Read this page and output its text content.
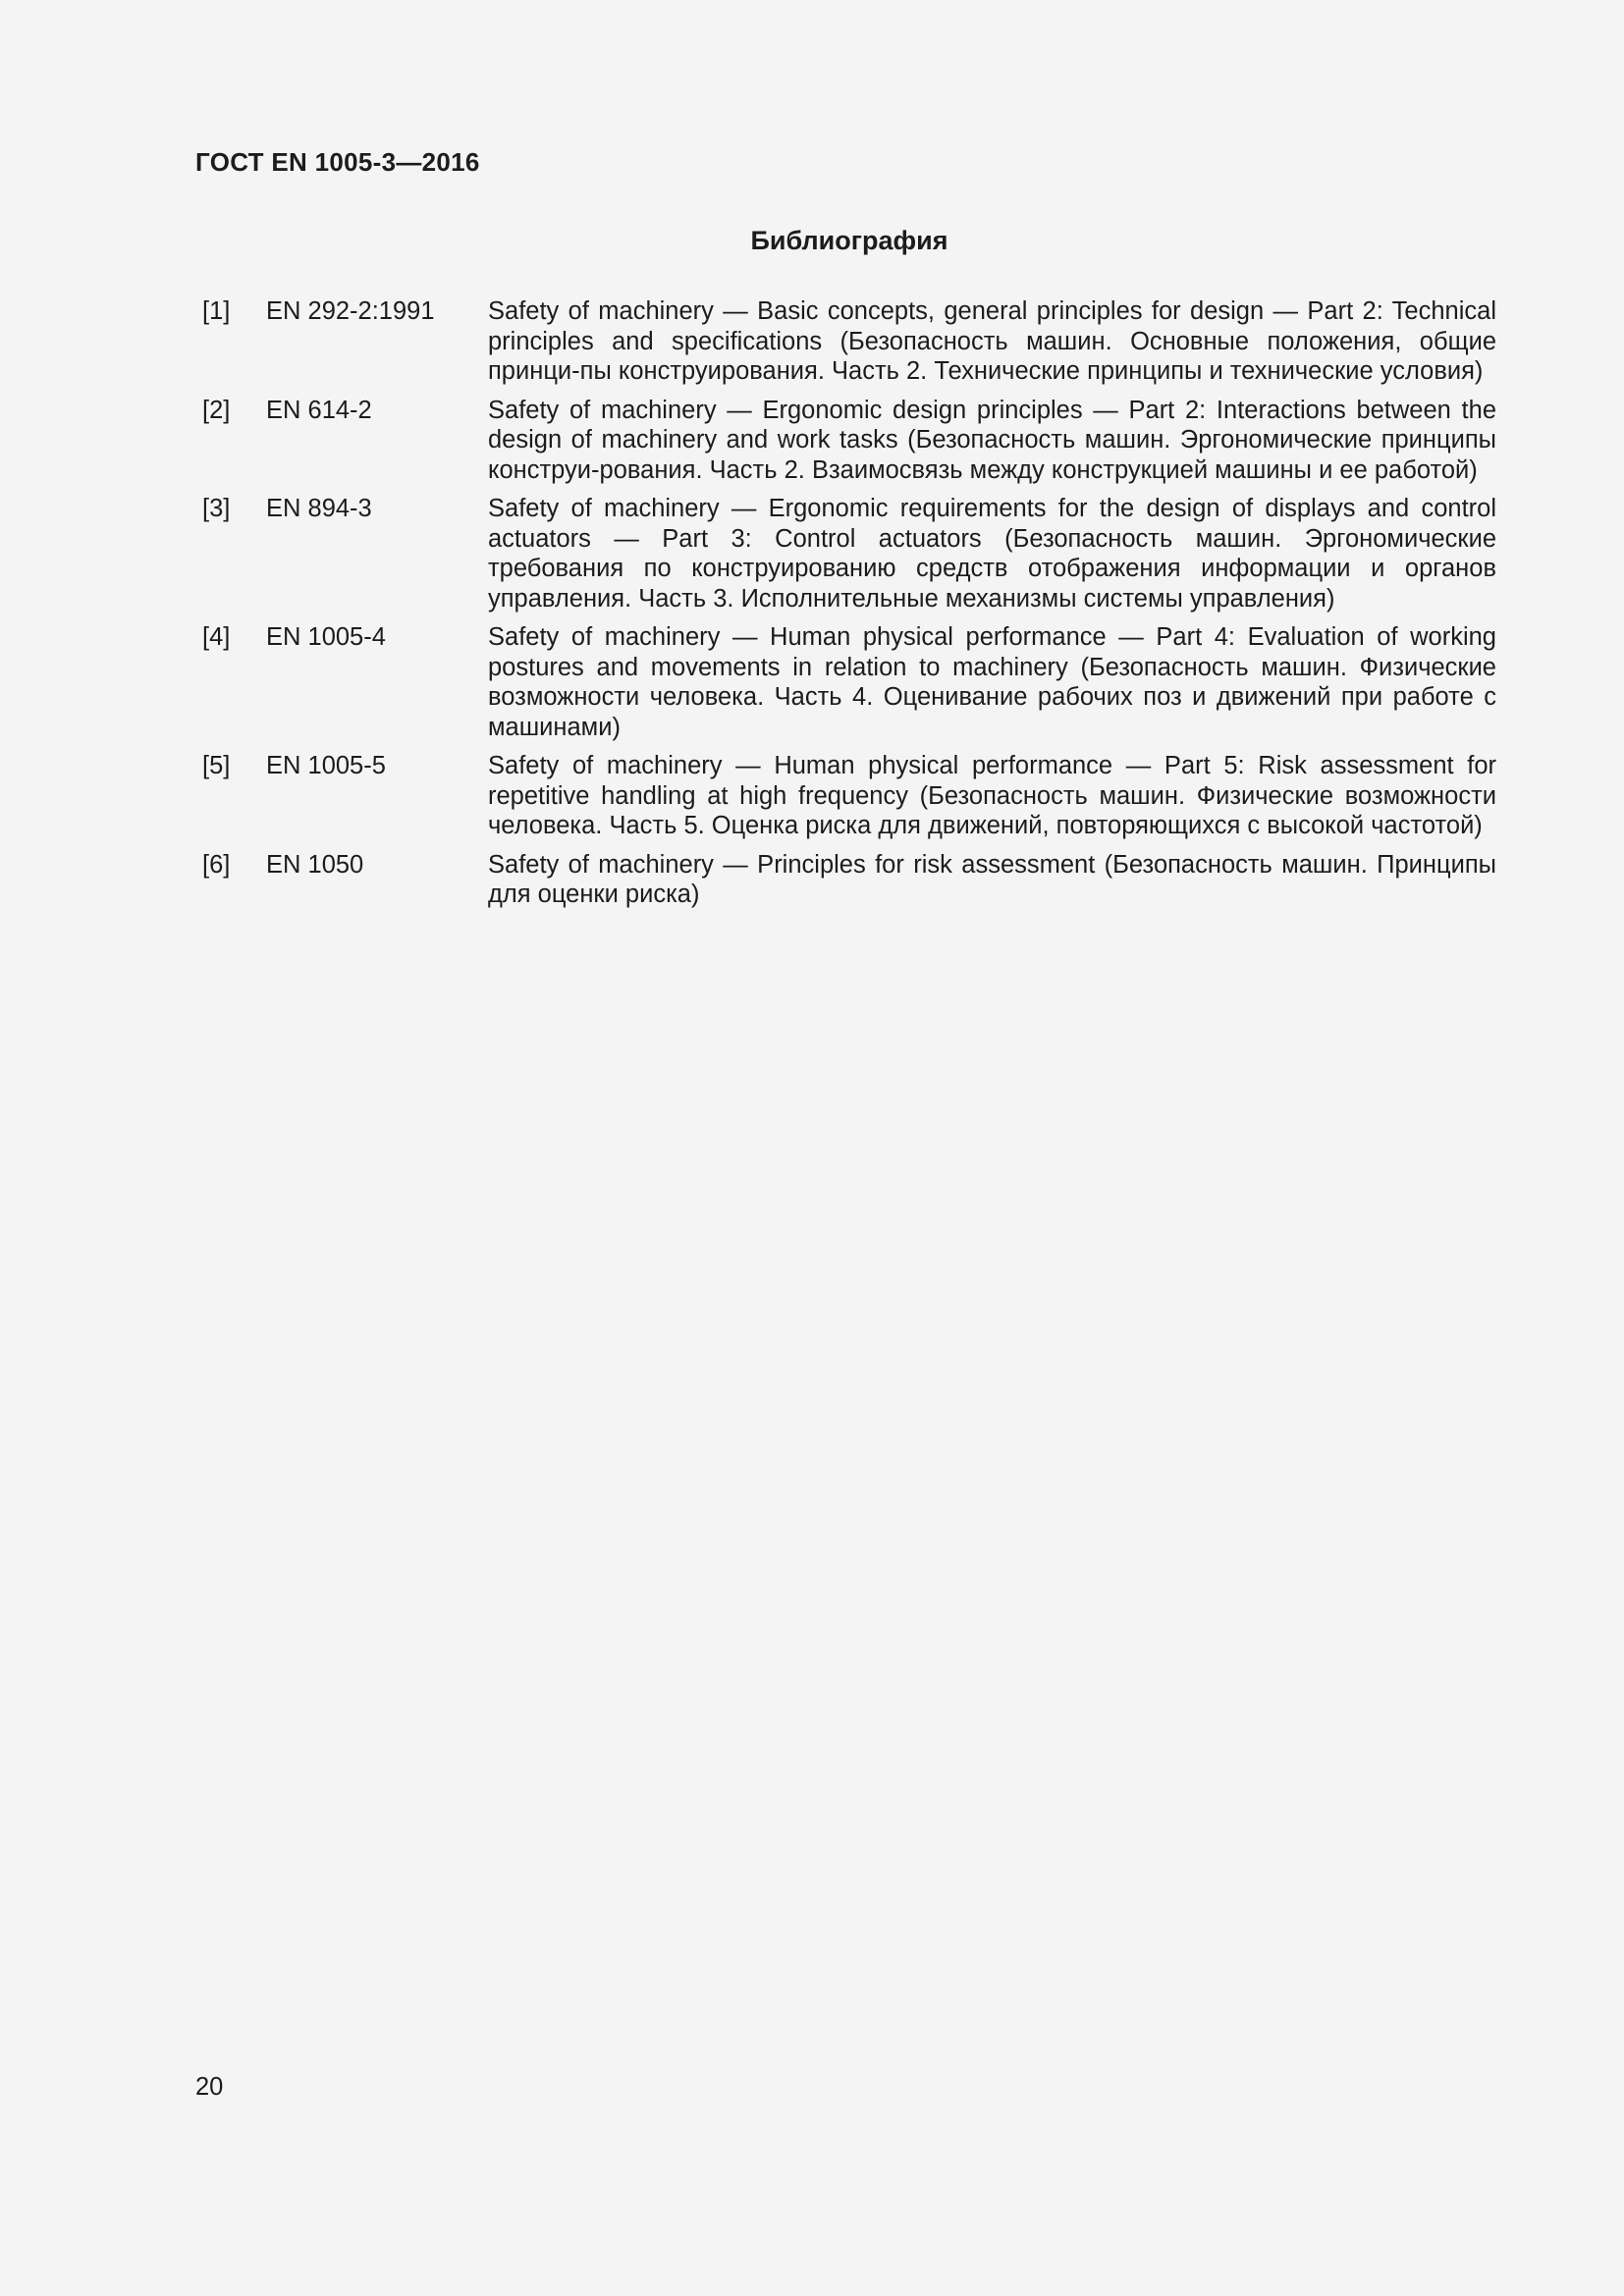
ГОСТ EN 1005-3—2016
Библиография
[1]	EN 292-2:1991	Safety of machinery — Basic concepts, general principles for design — Part 2: Technical principles and specifications (Безопасность машин. Основные положения, общие принци-пы конструирования. Часть 2. Технические принципы и технические условия)
[2]	EN 614-2	Safety of machinery — Ergonomic design principles — Part 2: Interactions between the design of machinery and work tasks (Безопасность машин. Эргономические принципы конструи-рования. Часть 2. Взаимосвязь между конструкцией машины и ее работой)
[3]	EN 894-3	Safety of machinery — Ergonomic requirements for the design of displays and control actuators — Part 3: Control actuators (Безопасность машин. Эргономические требования по конструированию средств отображения информации и органов управления. Часть 3. Исполнительные механизмы системы управления)
[4]	EN 1005-4	Safety of machinery — Human physical performance — Part 4: Evaluation of working postures and movements in relation to machinery (Безопасность машин. Физические возможности человека. Часть 4. Оценивание рабочих поз и движений при работе с машинами)
[5]	EN 1005-5	Safety of machinery — Human physical performance — Part 5: Risk assessment for repetitive handling at high frequency (Безопасность машин. Физические возможности человека. Часть 5. Оценка риска для движений, повторяющихся с высокой частотой)
[6]	EN 1050	Safety of machinery — Principles for risk assessment (Безопасность машин. Принципы для оценки риска)
20
